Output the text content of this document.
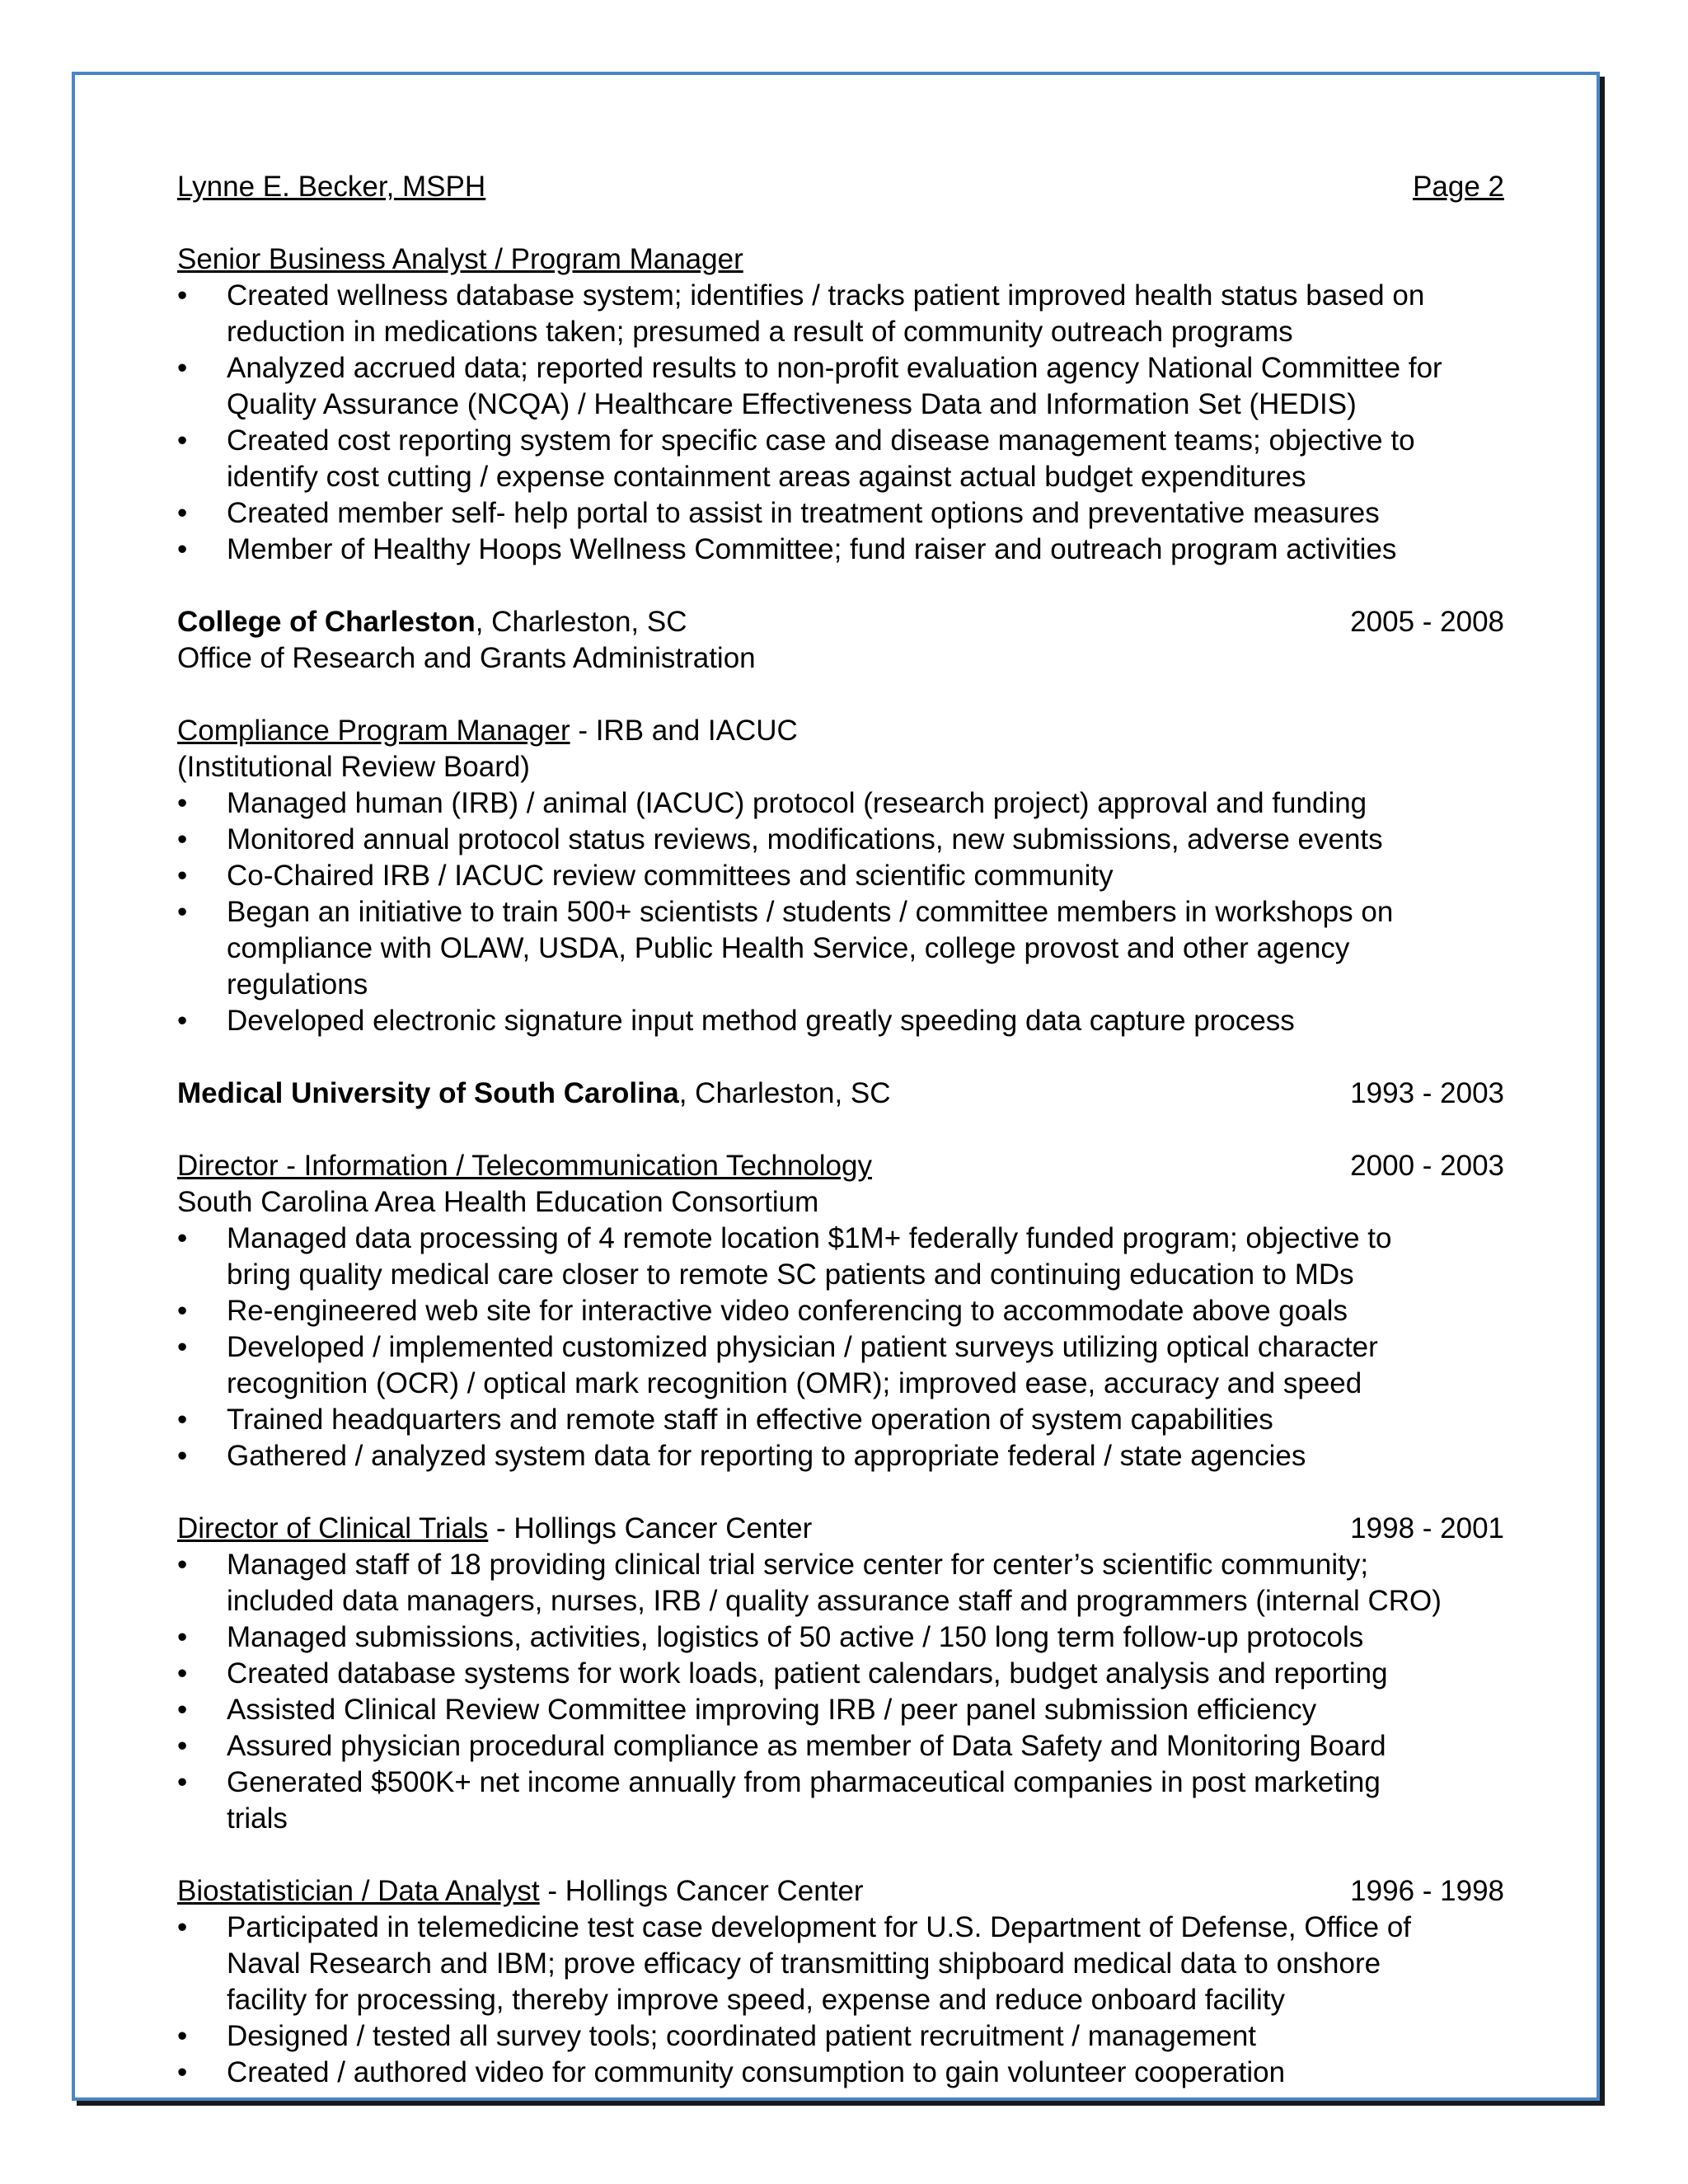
Lynne E. Becker, MSPH	Page 2
Senior Business Analyst / Program Manager
• Created wellness database system; identifies / tracks patient improved health status based on
reduction in medications taken; presumed a result of community outreach programs
• Analyzed accrued data; reported results to non-profit evaluation agency National Committee for
Quality Assurance (NCQA) / Healthcare Effectiveness Data and Information Set (HEDIS)
• Created cost reporting system for specific case and disease management teams; objective to
identify cost cutting / expense containment areas against actual budget expenditures
• Created member self- help portal to assist in treatment options and preventative measures
• Member of Healthy Hoops Wellness Committee; fund raiser and outreach program activities
College of Charleston, Charleston, SC	2005 - 2008
Office of Research and Grants Administration
Compliance Program Manager - IRB and IACUC
(Institutional Review Board)
• Managed human (IRB) / animal (IACUC) protocol (research project) approval and funding
• Monitored annual protocol status reviews, modifications, new submissions, adverse events
• Co-Chaired IRB / IACUC review committees and scientific community
• Began an initiative to train 500+ scientists / students / committee members in workshops on
compliance with OLAW, USDA, Public Health Service, college provost and other agency
regulations
• Developed electronic signature input method greatly speeding data capture process
Medical University of South Carolina, Charleston, SC	1993 - 2003
Director - Information / Telecommunication Technology	2000 - 2003
South Carolina Area Health Education Consortium
• Managed data processing of 4 remote location $1M+ federally funded program; objective to
bring quality medical care closer to remote SC patients and continuing education to MDs
• Re-engineered web site for interactive video conferencing to accommodate above goals
• Developed / implemented customized physician / patient surveys utilizing optical character
recognition (OCR) / optical mark recognition (OMR); improved ease, accuracy and speed
• Trained headquarters and remote staff in effective operation of system capabilities
• Gathered / analyzed system data for reporting to appropriate federal / state agencies
Director of Clinical Trials - Hollings Cancer Center	1998 - 2001
• Managed staff of 18 providing clinical trial service center for center’s scientific community;
included data managers, nurses, IRB / quality assurance staff and programmers (internal CRO)
• Managed submissions, activities, logistics of 50 active / 150 long term follow-up protocols
• Created database systems for work loads, patient calendars, budget analysis and reporting
• Assisted Clinical Review Committee improving IRB / peer panel submission efficiency
• Assured physician procedural compliance as member of Data Safety and Monitoring Board
• Generated $500K+ net income annually from pharmaceutical companies in post marketing
trials
Biostatistician / Data Analyst - Hollings Cancer Center	1996 - 1998
• Participated in telemedicine test case development for U.S. Department of Defense, Office of
Naval Research and IBM; prove efficacy of transmitting shipboard medical data to onshore
facility for processing, thereby improve speed, expense and reduce onboard facility
• Designed / tested all survey tools; coordinated patient recruitment / management
• Created / authored video for community consumption to gain volunteer cooperation
